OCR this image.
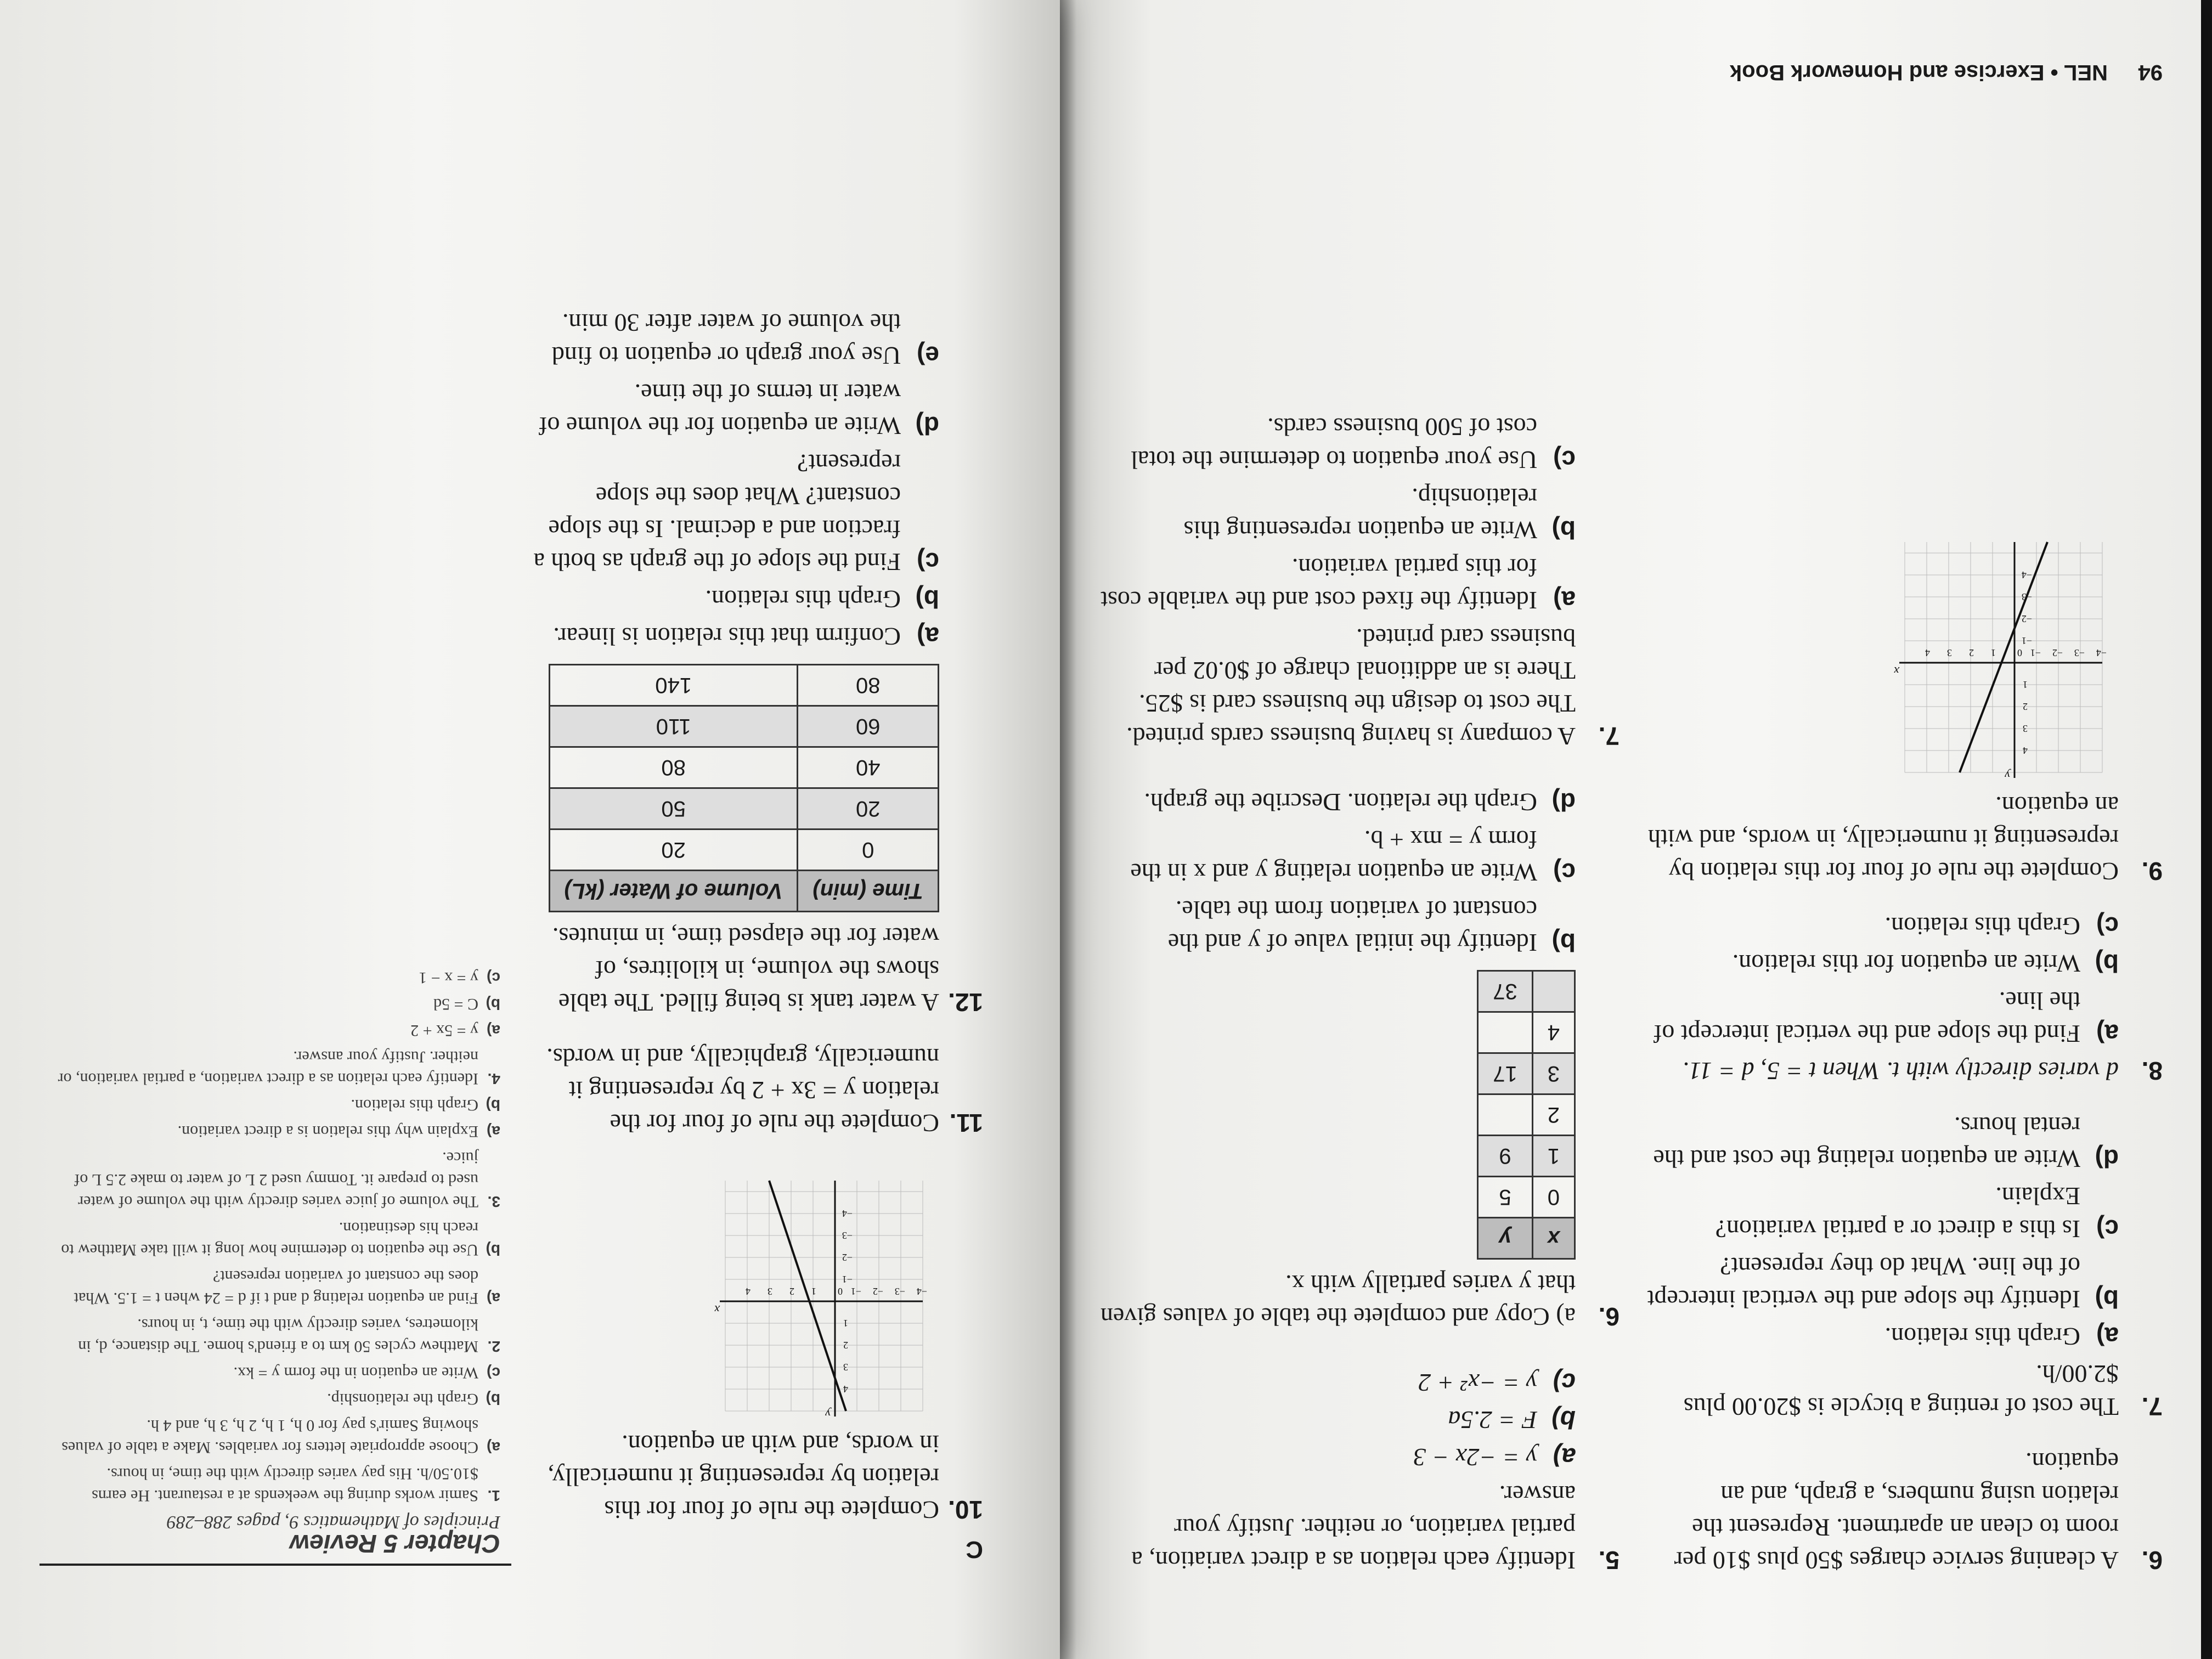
6.
A cleaning service charges $50 plus $10 per room to clean an apartment. Represent the relation using numbers, a graph, and an equation.
7.
The cost of renting a bicycle is $20.00 plus $2.00/h.
a)
Graph this relation.
b)
Identify the slope and the vertical intercept of the line. What do they represent?
c)
Is this a direct or a partial variation? Explain.
d)
Write an equation relating the cost and the rental hours.
8.
d varies directly with t. When t = 5, d = 11.
a)
Find the slope and the vertical intercept of the line.
b)
Write an equation for this relation.
c)
Graph this relation.
9.
Complete the rule of four for this relation by representing it numerically, in words, and with an equation.
x
y
−4
−3
−2
−1
0
1
2
3
4
4
3
2
1
−1
−2
−3
−4
5.
Identify each relation as a direct variation, a partial variation, or neither. Justify your answer.
a)
y = −2x − 3
b)
F = 2.5a
c)
y = −x² + 2
6.
a) Copy and complete the table of values given that y varies partially with x.
x	y
0	5
1	9
2	
3	17
4	
	37
b)
Identify the initial value of y and the constant of variation from the table.
c)
Write an equation relating y and x in the form y = mx + b.
d)
Graph the relation. Describe the graph.
7.
A company is having business cards printed. The cost to design the business card is $25. There is an additional charge of $0.02 per business card printed.
a)
Identify the fixed cost and the variable cost for this partial variation.
b)
Write an equation representing this relationship.
c)
Use your equation to determine the total cost of 500 business cards.
94
NEL • Exercise and Homework Book
C
10.
Complete the rule of four for this relation by representing it numerically, in words, and with an equation.
x
y
−4
−3
−2
−1
0
1
2
3
4
4
3
2
1
−1
−2
−3
−4
11.
Complete the rule of four for the relation y = 3x + 2 by representing it numerically, graphically, and in words.
12.
A water tank is being filled. The table shows the volume, in kilolitres, of water for the elapsed time, in minutes.
Time (min)	Volume of Water (kL)
0	20
20	50
40	80
60	110
80	140
a)
Confirm that this relation is linear.
b)
Graph this relation.
c)
Find the slope of the graph as both a fraction and a decimal. Is the slope constant? What does the slope represent?
d)
Write an equation for the volume of water in terms of the time.
e)
Use your graph or equation to find the volume of water after 30 min.
Chapter 5 Review
Principles of Mathematics 9, pages 288–289
1.
Samir works during the weekends at a restaurant. He earns $10.50/h. His pay varies directly with the time, in hours.
a)
Choose appropriate letters for variables. Make a table of values showing Samir's pay for 0 h, 1 h, 2 h, 3 h, and 4 h.
b)
Graph the relationship.
c)
Write an equation in the form y = kx.
2.
Matthew cycles 50 km to a friend's home. The distance, d, in kilometres, varies directly with the time, t, in hours.
a)
Find an equation relating d and t if d = 24 when t = 1.5. What does the constant of variation represent?
b)
Use the equation to determine how long it will take Matthew to reach his destination.
3.
The volume of juice varies directly with the volume of water used to prepare it. Tommy used 2 L of water to make 2.5 L of juice.
a)
Explain why this relation is a direct variation.
b)
Graph this relation.
4.
Identify each relation as a direct variation, a partial variation, or neither. Justify your answer.
a)
y = 5x + 2
b)
C = 5d
c)
y = x − 1
